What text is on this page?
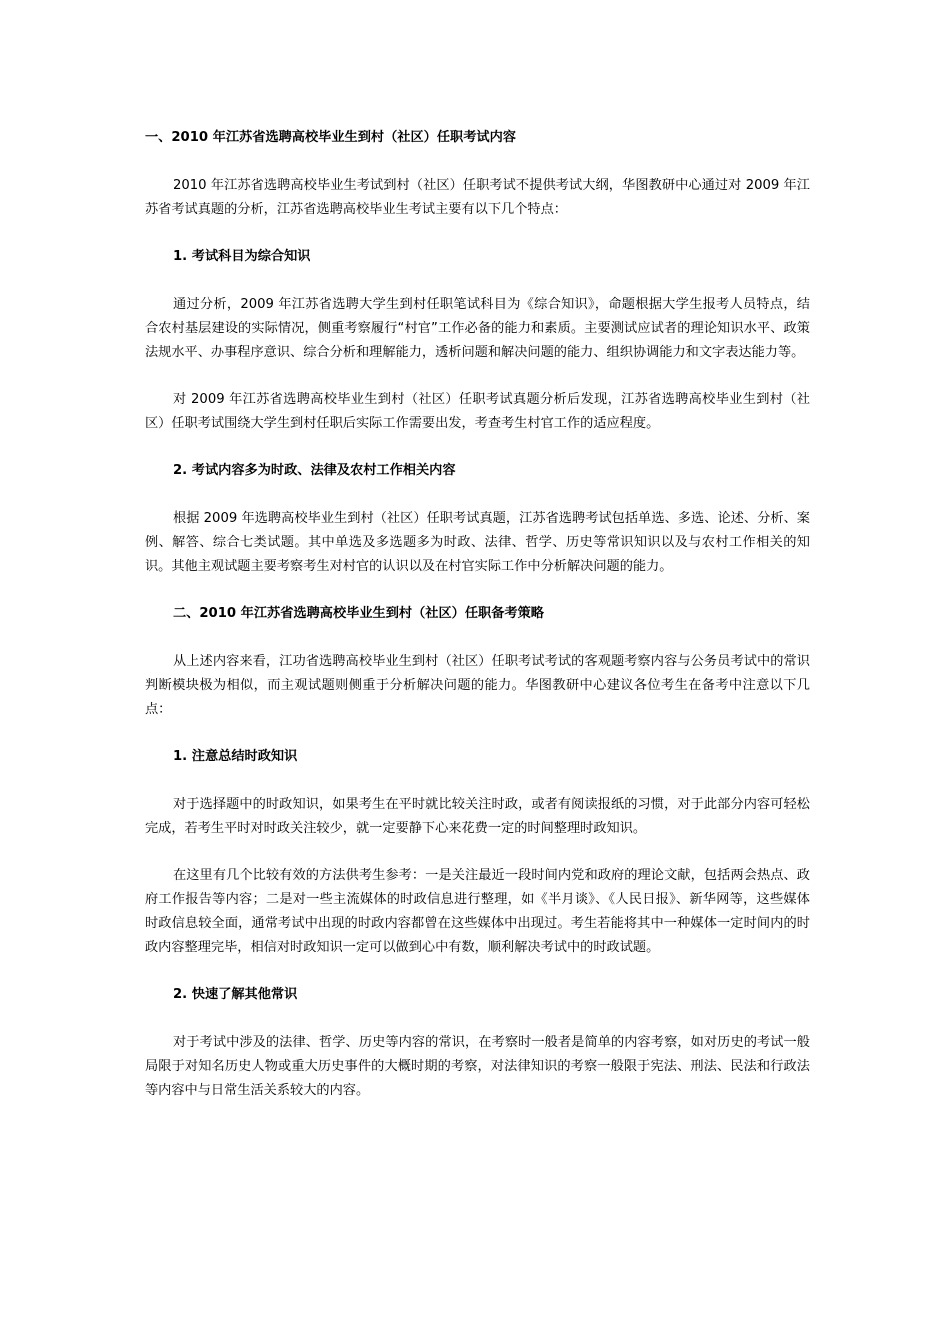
一、2010 年江苏省选聘高校毕业生到村（社区）任职考试内容

2010 年江苏省选聘高校毕业生考试到村（社区）任职考试不提供考试大纲，华图教研中心通过对 2009 年江苏省考试真题的分析，江苏省选聘高校毕业生考试主要有以下几个特点：

1. 考试科目为综合知识

通过分析，2009 年江苏省选聘大学生到村任职笔试科目为《综合知识》，命题根据大学生报考人员特点，结合农村基层建设的实际情况，侧重考察履行“村官”工作必备的能力和素质。主要测试应试者的理论知识水平、政策法规水平、办事程序意识、综合分析和理解能力，透析问题和解决问题的能力、组织协调能力和文字表达能力等。

对 2009 年江苏省选聘高校毕业生到村（社区）任职考试真题分析后发现，江苏省选聘高校毕业生到村（社区）任职考试围绕大学生到村任职后实际工作需要出发，考查考生村官工作的适应程度。

2. 考试内容多为时政、法律及农村工作相关内容

根据 2009 年选聘高校毕业生到村（社区）任职考试真题，江苏省选聘考试包括单选、多选、论述、分析、案例、解答、综合七类试题。其中单选及多选题多为时政、法律、哲学、历史等常识知识以及与农村工作相关的知识。其他主观试题主要考察考生对村官的认识以及在村官实际工作中分析解决问题的能力。

二、2010 年江苏省选聘高校毕业生到村（社区）任职备考策略

从上述内容来看，江功省选聘高校毕业生到村（社区）任职考试考试的客观题考察内容与公务员考试中的常识判断模块极为相似，而主观试题则侧重于分析解决问题的能力。华图教研中心建议各位考生在备考中注意以下几点：

1. 注意总结时政知识

对于选择题中的时政知识，如果考生在平时就比较关注时政，或者有阅读报纸的习惯，对于此部分内容可轻松完成，若考生平时对时政关注较少，就一定要静下心来花费一定的时间整理时政知识。

在这里有几个比较有效的方法供考生参考：一是关注最近一段时间内党和政府的理论文献，包括两会热点、政府工作报告等内容；二是对一些主流媒体的时政信息进行整理，如《半月谈》、《人民日报》、新华网等，这些媒体时政信息较全面，通常考试中出现的时政内容都曾在这些媒体中出现过。考生若能将其中一种媒体一定时间内的时政内容整理完毕，相信对时政知识一定可以做到心中有数，顺利解决考试中的时政试题。

2. 快速了解其他常识

对于考试中涉及的法律、哲学、历史等内容的常识，在考察时一般者是简单的内容考察，如对历史的考试一般局限于对知名历史人物或重大历史事件的大概时期的考察，对法律知识的考察一般限于宪法、刑法、民法和行政法等内容中与日常生活关系较大的内容。
